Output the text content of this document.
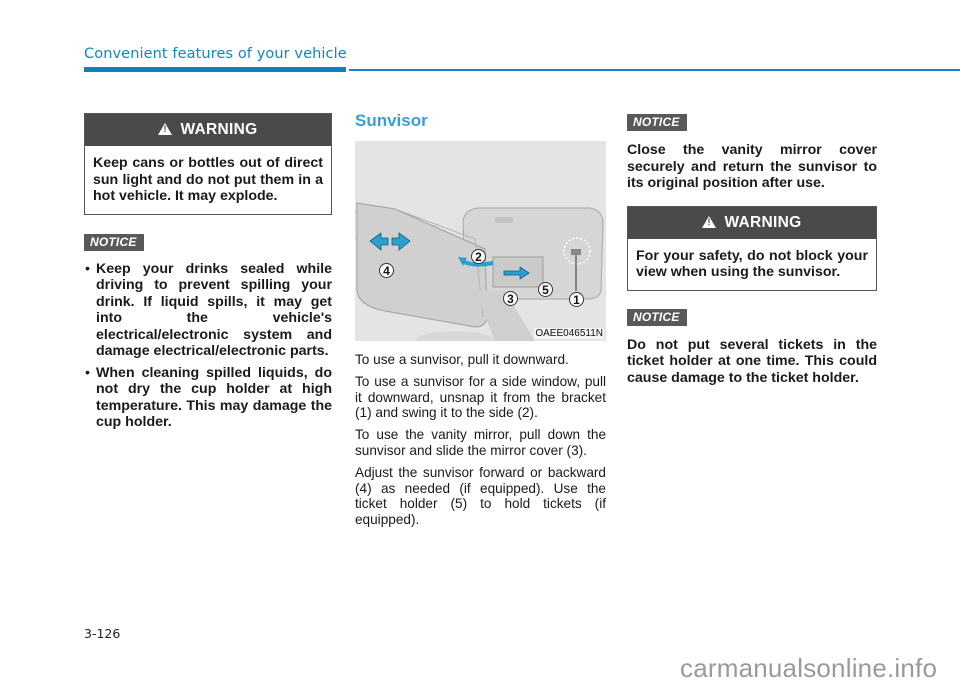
Convenient features of your vehicle
!
WARNING
Keep cans or bottles out of direct sun light and do not put them in a hot vehicle. It may explode.
NOTICE
• Keep your drinks sealed while driving to prevent spilling your drink. If liquid spills, it may get into the vehicle's electrical/electronic system and damage electrical/electronic parts.
• When cleaning spilled liquids, do not dry the cup holder at high temperature. This may damage the cup holder.
Sunvisor
1
2
3
4
5
OAEE046511N

To use a sunvisor, pull it downward.

To use a sunvisor for a side window, pull it downward, unsnap it from the bracket (1) and swing it to the side (2).

To use the vanity mirror, pull down the sunvisor and slide the mirror cover (3).

Adjust the sunvisor forward or backward (4) as needed (if equipped). Use the ticket holder (5) to hold tickets (if equipped).

NOTICE
Close the vanity mirror cover securely and return the sunvisor to its original position after use.
!
WARNING
For your safety, do not block your view when using the sunvisor.
NOTICE
Do not put several tickets in the ticket holder at one time. This could cause damage to the ticket holder.
3-126
carmanualsonline.info
